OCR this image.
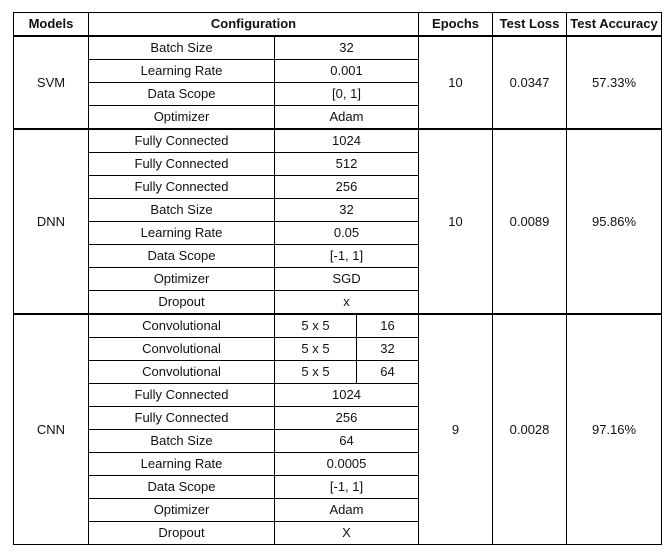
Models	Configuration			Epochs	Test Loss	Test Accuracy
SVM	Batch Size	32		10	0.0347	57.33%
	Learning Rate	0.001				
	Data Scope	[0, 1]				
	Optimizer	Adam				
DNN	Fully Connected	1024		10	0.0089	95.86%
	Fully Connected	512				
	Fully Connected	256				
	Batch Size	32				
	Learning Rate	0.05				
	Data Scope	[-1, 1]				
	Optimizer	SGD				
	Dropout	x				
CNN	Convolutional	5 x 5	16	9	0.0028	97.16%
	Convolutional	5 x 5	32			
	Convolutional	5 x 5	64			
	Fully Connected	1024				
	Fully Connected	256				
	Batch Size	64				
	Learning Rate	0.0005				
	Data Scope	[-1, 1]				
	Optimizer	Adam				
	Dropout	X				
